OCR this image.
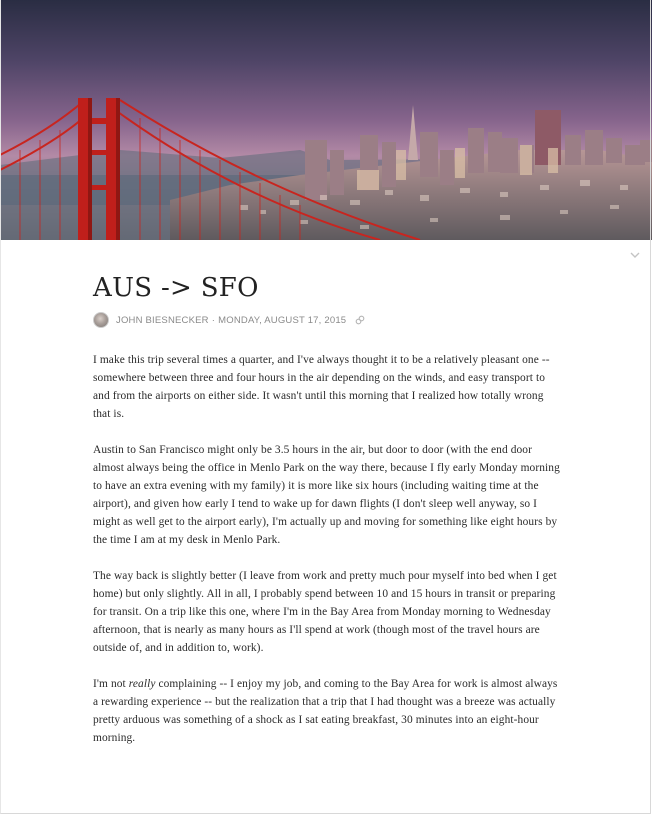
AUS -> SFO
JOHN BIESNECKER · MONDAY, AUGUST 17, 2015

I make this trip several times a quarter, and I've always thought it to be a relatively pleasant one -- somewhere between three and four hours in the air depending on the winds, and easy transport to and from the airports on either side. It wasn't until this morning that I realized how totally wrong that is.

Austin to San Francisco might only be 3.5 hours in the air, but door to door (with the end door almost always being the office in Menlo Park on the way there, because I fly early Monday morning to have an extra evening with my family) it is more like six hours (including waiting time at the airport), and given how early I tend to wake up for dawn flights (I don't sleep well anyway, so I might as well get to the airport early), I'm actually up and moving for something like eight hours by the time I am at my desk in Menlo Park.

The way back is slightly better (I leave from work and pretty much pour myself into bed when I get home) but only slightly. All in all, I probably spend between 10 and 15 hours in transit or preparing for transit. On a trip like this one, where I'm in the Bay Area from Monday morning to Wednesday afternoon, that is nearly as many hours as I'll spend at work (though most of the travel hours are outside of, and in addition to, work).

I'm not really complaining -- I enjoy my job, and coming to the Bay Area for work is almost always a rewarding experience -- but the realization that a trip that I had thought was a breeze was actually pretty arduous was something of a shock as I sat eating breakfast, 30 minutes into an eight-hour morning.
